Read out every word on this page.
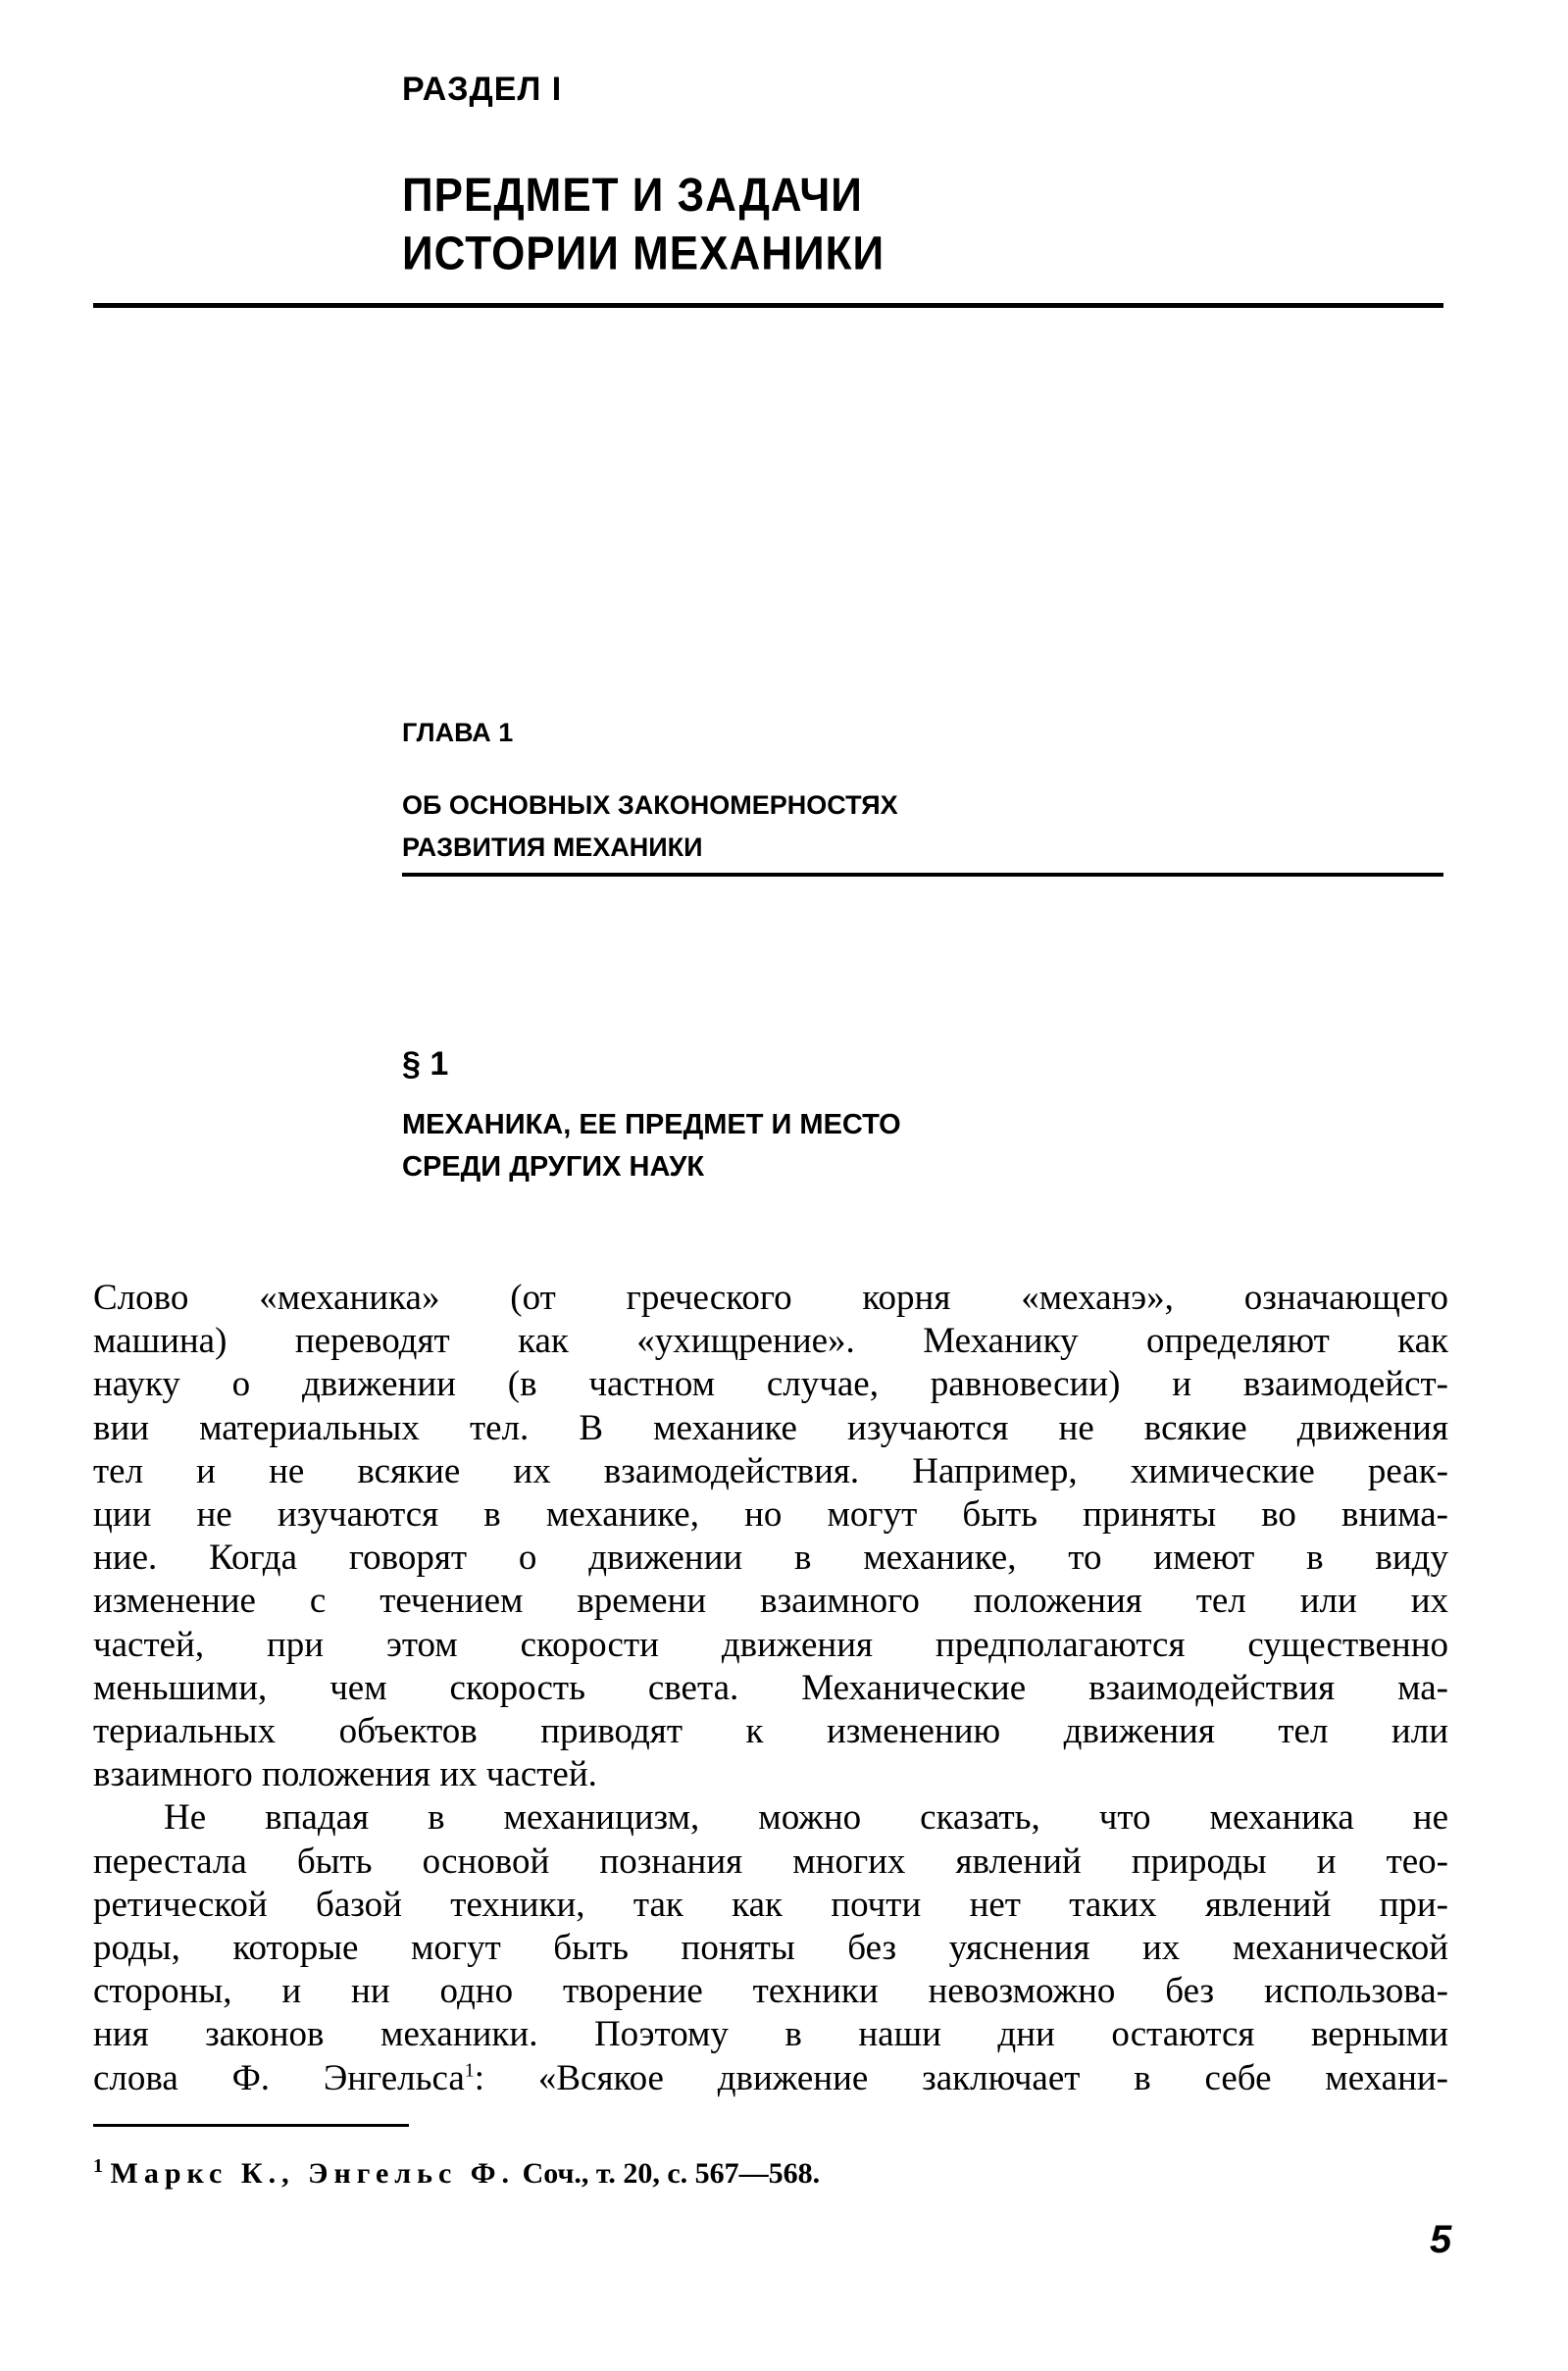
РАЗДЕЛ I
ПРЕДМЕТ И ЗАДАЧИ
ИСТОРИИ МЕХАНИКИ
ГЛАВА 1
ОБ ОСНОВНЫХ ЗАКОНОМЕРНОСТЯХ
РАЗВИТИЯ МЕХАНИКИ
§ 1
МЕХАНИКА, ЕЕ ПРЕДМЕТ И МЕСТО
СРЕДИ ДРУГИХ НАУК
Слово «механика» (от греческого корня «механэ», означающего
машина) переводят как «ухищрение». Механику определяют как
науку о движении (в частном случае, равновесии) и взаимодейст-
вии материальных тел. В механике изучаются не всякие движения
тел и не всякие их взаимодействия. Например, химические реак-
ции не изучаются в механике, но могут быть приняты во внима-
ние. Когда говорят о движении в механике, то имеют в виду
изменение с течением времени взаимного положения тел или их
частей, при этом скорости движения предполагаются существенно
меньшими, чем скорость света. Механические взаимодействия ма-
териальных объектов приводят к изменению движения тел или
взаимного положения их частей.
Не впадая в механицизм, можно сказать, что механика не
перестала быть основой познания многих явлений природы и тео-
ретической базой техники, так как почти нет таких явлений при-
роды, которые могут быть поняты без уяснения их механической
стороны, и ни одно творение техники невозможно без использова-
ния законов механики. Поэтому в наши дни остаются верными
слова Ф. Энгельса$^1$: «Всякое движение заключает в себе механи-
$^1$ Маркс К., Энгельс Ф. Соч., т. 20, с. 567—568.
5
